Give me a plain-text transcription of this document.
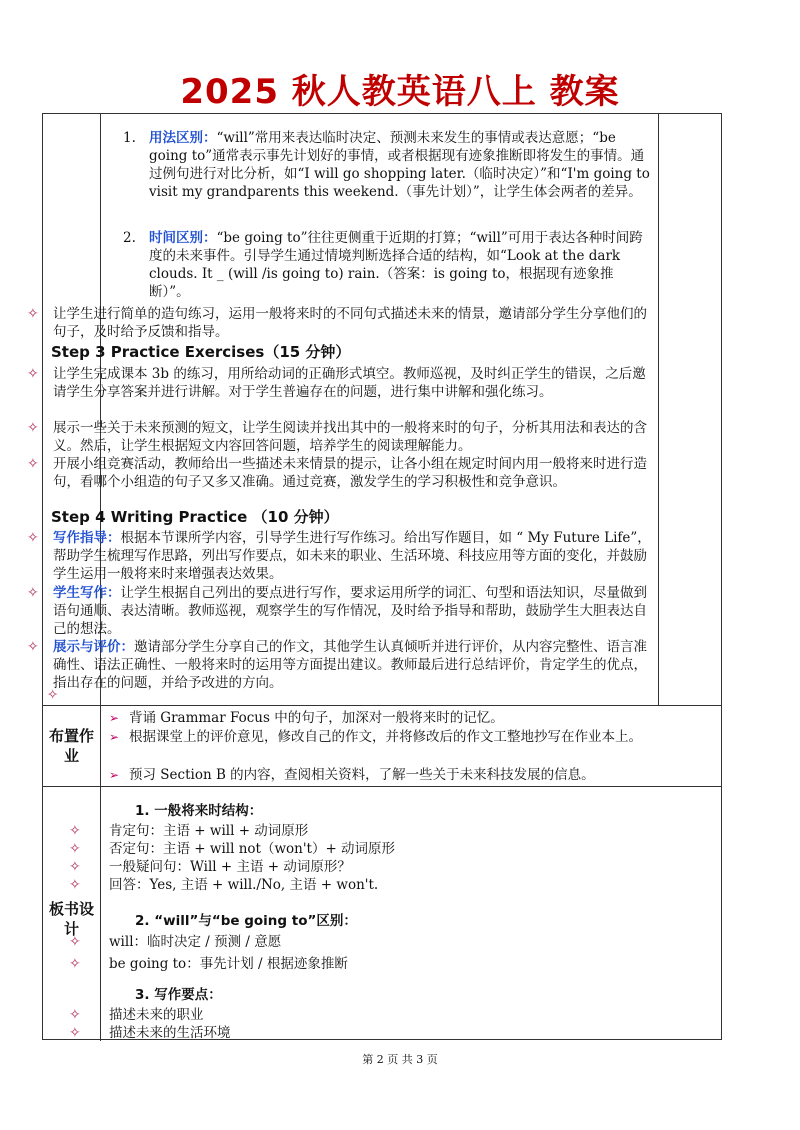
2025 秋人教英语八上 教案
1. 用法区别：“will”常用来表达临时决定、预测未来发生的事情或表达意愿；“be going to”通常表示事先计划好的事情，或者根据现有迹象推断即将发生的事情。通过例句进行对比分析，如“I will go shopping later.（临时决定）”和“I'm going to visit my grandparents this weekend.（事先计划）”，让学生体会两者的差异。
2. 时间区别：“be going to”往往更侧重于近期的打算；“will”可用于表达各种时间跨度的未来事件。引导学生通过情境判断选择合适的结构，如“Look at the dark clouds. It _ (will /is going to) rain.（答案：is going to，根据现有迹象推断）”。
✧ 让学生进行简单的造句练习，运用一般将来时的不同句式描述未来的情景，邀请部分学生分享他们的句子，及时给予反馈和指导。
Step 3 Practice Exercises（15 分钟）
✧ 让学生完成课本 3b 的练习，用所给动词的正确形式填空。教师巡视，及时纠正学生的错误，之后邀请学生分享答案并进行讲解。对于学生普遍存在的问题，进行集中讲解和强化练习。
✧ 展示一些关于未来预测的短文，让学生阅读并找出其中的一般将来时的句子，分析其用法和表达的含义。然后，让学生根据短文内容回答问题，培养学生的阅读理解能力。
✧ 开展小组竞赛活动，教师给出一些描述未来情景的提示，让各小组在规定时间内用一般将来时进行造句，看哪个小组造的句子又多又准确。通过竞赛，激发学生的学习积极性和竞争意识。
Step 4 Writing Practice （10 分钟）
✧ 写作指导：根据本节课所学内容，引导学生进行写作练习。给出写作题目，如 “ My Future Life”，帮助学生梳理写作思路，列出写作要点，如未来的职业、生活环境、科技应用等方面的变化，并鼓励学生运用一般将来时来增强表达效果。
✧ 学生写作：让学生根据自己列出的要点进行写作，要求运用所学的词汇、句型和语法知识，尽量做到语句通顺、表达清晰。教师巡视，观察学生的写作情况，及时给予指导和帮助，鼓励学生大胆表达自己的想法。
✧ 展示与评价：邀请部分学生分享自己的作文，其他学生认真倾听并进行评价，从内容完整性、语言准确性、语法正确性、一般将来时的运用等方面提出建议。教师最后进行总结评价，肯定学生的优点，指出存在的问题，并给予改进的方向。
✧
布置作业
➢ 背诵 Grammar Focus 中的句子，加深对一般将来时的记忆。
➢ 根据课堂上的评价意见，修改自己的作文，并将修改后的作文工整地抄写在作业本上。
➢ 预习 Section B 的内容，查阅相关资料，了解一些关于未来科技发展的信息。
板书设计
1. 一般将来时结构：
✧ 肯定句：主语 + will + 动词原形
✧ 否定句：主语 + will not（won't）+ 动词原形
✧ 一般疑问句：Will + 主语 + 动词原形？
✧ 回答：Yes, 主语 + will./No, 主语 + won't.
2. “will”与“be going to”区别：
✧ will：临时决定 / 预测 / 意愿
✧ be going to：事先计划 / 根据迹象推断
3. 写作要点：
✧ 描述未来的职业
✧ 描述未来的生活环境
第 2 页 共 3 页
